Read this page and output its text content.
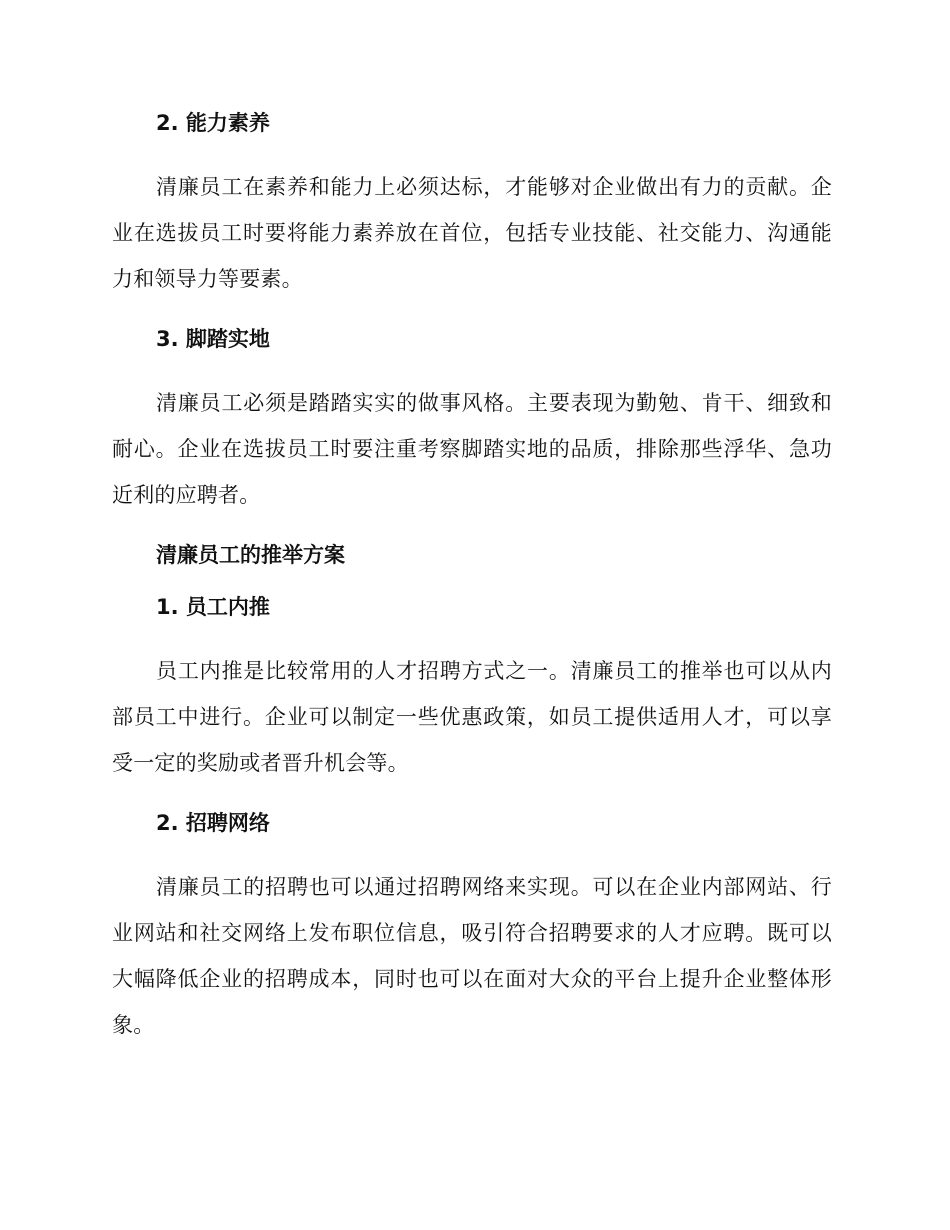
2. 能力素养

清廉员工在素养和能力上必须达标，才能够对企业做出有力的贡献。企业在选拔员工时要将能力素养放在首位，包括专业技能、社交能力、沟通能力和领导力等要素。

3. 脚踏实地

清廉员工必须是踏踏实实的做事风格。主要表现为勤勉、肯干、细致和耐心。企业在选拔员工时要注重考察脚踏实地的品质，排除那些浮华、急功近利的应聘者。

清廉员工的推举方案
1. 员工内推

员工内推是比较常用的人才招聘方式之一。清廉员工的推举也可以从内部员工中进行。企业可以制定一些优惠政策，如员工提供适用人才，可以享受一定的奖励或者晋升机会等。

2. 招聘网络

清廉员工的招聘也可以通过招聘网络来实现。可以在企业内部网站、行业网站和社交网络上发布职位信息，吸引符合招聘要求的人才应聘。既可以大幅降低企业的招聘成本，同时也可以在面对大众的平台上提升企业整体形象。
